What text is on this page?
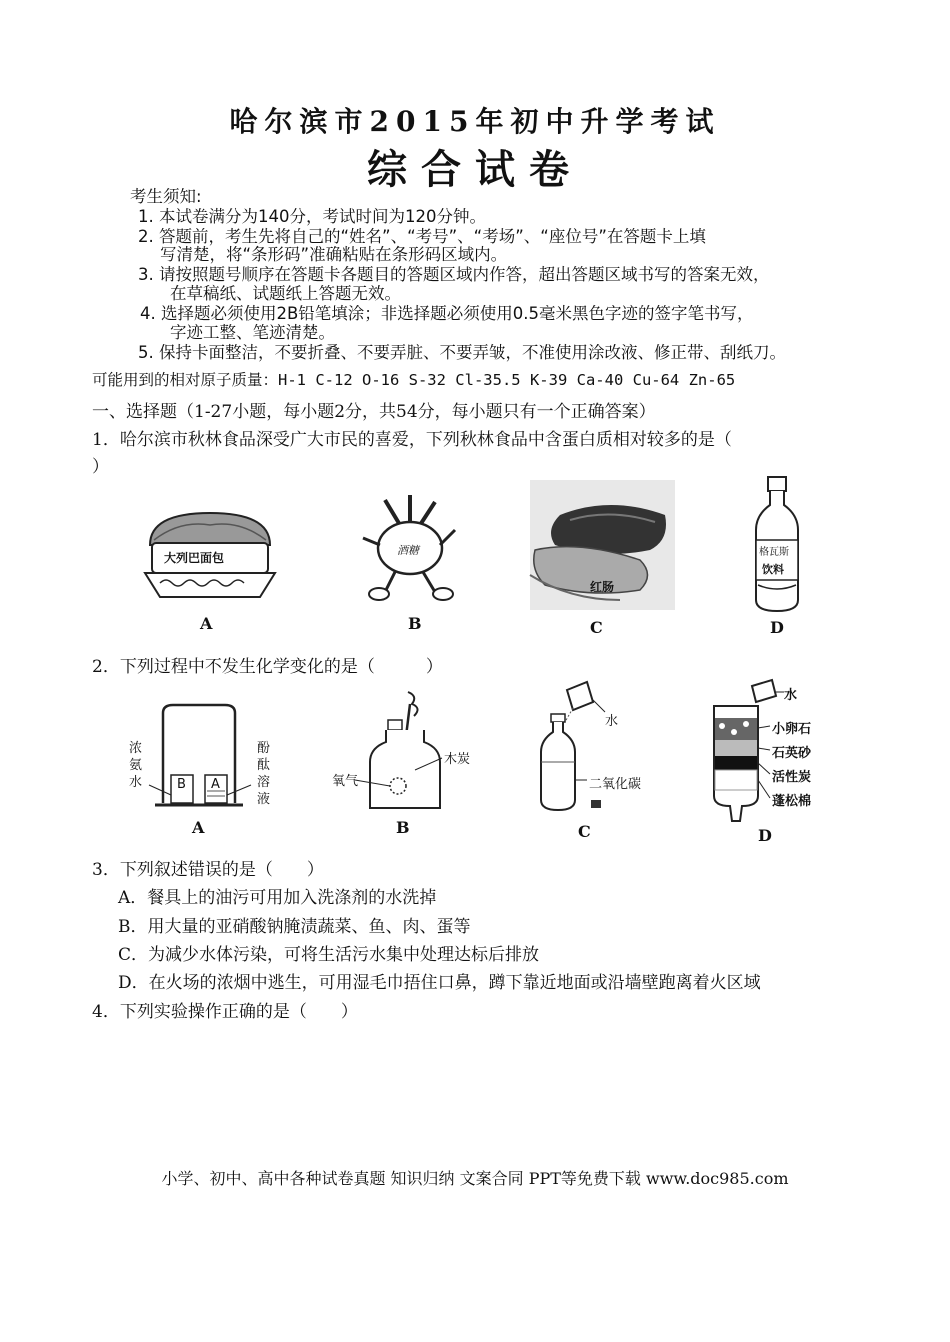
哈尔滨市2015年初中升学考试
综合试卷
考生须知:
1. 本试卷满分为140分，考试时间为120分钟。
2. 答题前，考生先将自己的“姓名”、“考号”、“考场”、“座位号”在答题卡上填
写清楚，将“条形码”准确粘贴在条形码区域内。
3. 请按照题号顺序在答题卡各题目的答题区域内作答，超出答题区域书写的答案无效，
在草稿纸、试题纸上答题无效。
4. 选择题必须使用2B铅笔填涂；非选择题必须使用0.5毫米黑色字迹的签字笔书写，
字迹工整、笔迹清楚。
5. 保持卡面整洁，不要折叠、不要弄脏、不要弄皱，不准使用涂改液、修正带、刮纸刀。
可能用到的相对原子质量：H-1 C-12 O-16 S-32 Cl-35.5 K-39 Ca-40 Cu-64 Zn-65
一、选择题（1-27小题，每小题2分，共54分，每小题只有一个正确答案）
1．哈尔滨市秋林食品深受广大市民的喜爱，下列秋林食品中含蛋白质相对较多的是（
）
大列巴面包
A
酒糖
B
红肠
C
格瓦斯
饮料
D
2．下列过程中不发生化学变化的是（　　　）
浓
氨
水	B A
酚
酞
溶
液
A
氧气
木炭
B
水
二氧化碳
C
水
小卵石
石英砂
活性炭
蓬松棉
D
3．下列叙述错误的是（　　）
A．餐具上的油污可用加入洗涤剂的水洗掉
B．用大量的亚硝酸钠腌渍蔬菜、鱼、肉、蛋等
C．为减少水体污染，可将生活污水集中处理达标后排放
D．在火场的浓烟中逃生，可用湿毛巾捂住口鼻，蹲下靠近地面或沿墙壁跑离着火区域
4．下列实验操作正确的是（　　）
小学、初中、高中各种试卷真题 知识归纳 文案合同 PPT等免费下载 www.doc985.com
